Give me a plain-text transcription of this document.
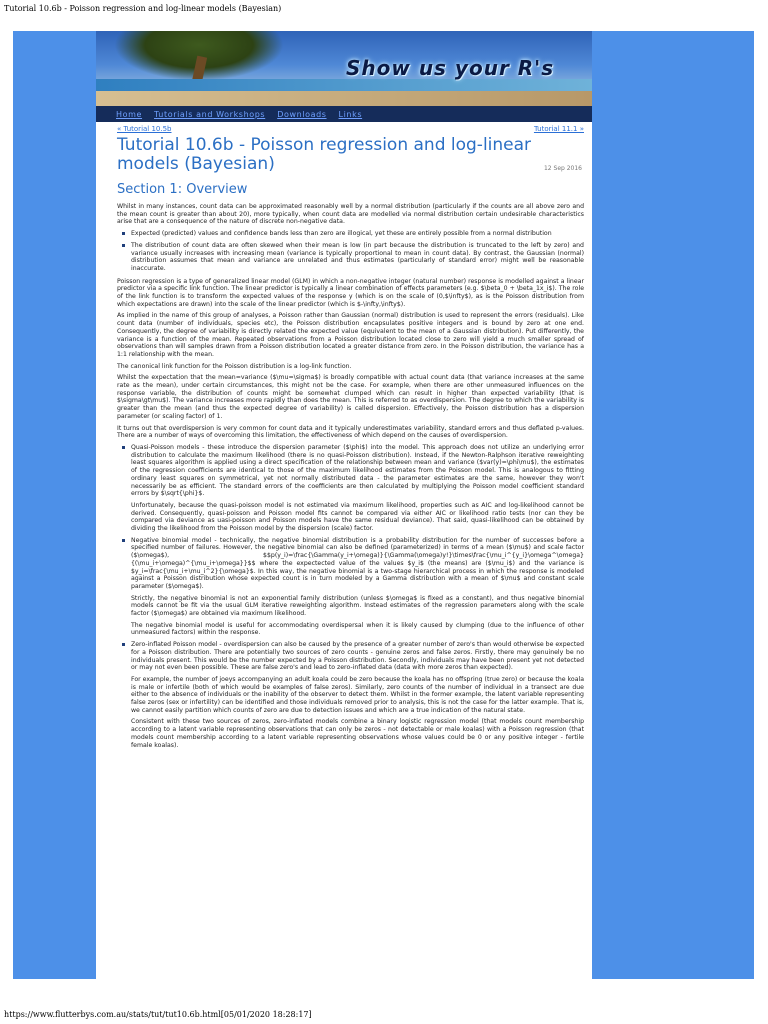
Tutorial 10.6b - Poisson regression and log-linear models (Bayesian)
Show us your R's
Home Tutorials and Workshops Downloads Links
« Tutorial 10.5b	Tutorial 11.1 »
Tutorial 10.6b - Poisson regression and log-linear models (Bayesian)	12 Sep 2016
Section 1: Overview

Whilst in many instances, count data can be approximated reasonably well by a normal distribution (particularly if the counts are all above zero and the mean count is greater than about 20), more typically, when count data are modelled via normal distribution certain undesirable characteristics arise that are a consequence of the nature of discrete non-negative data.

Expected (predicted) values and confidence bands less than zero are illogical, yet these are entirely possible from a normal distribution
The distribution of count data are often skewed when their mean is low (in part because the distribution is truncated to the left by zero) and variance usually increases with increasing mean (variance is typically proportional to mean in count data). By contrast, the Gaussian (normal) distribution assumes that mean and variance are unrelated and thus estimates (particularly of standard error) might well be reasonable inaccurate.

Poisson regression is a type of generalized linear model (GLM) in which a non-negative integer (natural number) response is modelled against a linear predictor via a specific link function. The linear predictor is typically a linear combination of effects parameters (e.g. $\beta_0 + \beta_1x_i$). The role of the link function is to transform the expected values of the response y (which is on the scale of (0,$\infty$), as is the Poisson distribution from which expectations are drawn) into the scale of the linear predictor (which is $-\infty,\infty$).

As implied in the name of this group of analyses, a Poisson rather than Gaussian (normal) distribution is used to represent the errors (residuals). Like count data (number of individuals, species etc), the Poisson distribution encapsulates positive integers and is bound by zero at one end. Consequently, the degree of variability is directly related the expected value (equivalent to the mean of a Gaussian distribution). Put differently, the variance is a function of the mean. Repeated observations from a Poisson distribution located close to zero will yield a much smaller spread of observations than will samples drawn from a Poisson distribution located a greater distance from zero. In the Poisson distribution, the variance has a 1:1 relationship with the mean.

The canonical link function for the Poisson distribution is a log-link function.

Whilst the expectation that the mean=variance ($\mu=\sigma$) is broadly compatible with actual count data (that variance increases at the same rate as the mean), under certain circumstances, this might not be the case. For example, when there are other unmeasured influences on the response variable, the distribution of counts might be somewhat clumped which can result in higher than expected variability (that is $\sigma\gt\mu$). The variance increases more rapidly than does the mean. This is referred to as overdispersion. The degree to which the variability is greater than the mean (and thus the expected degree of variability) is called dispersion. Effectively, the Poisson distribution has a dispersion parameter (or scaling factor) of 1.

It turns out that overdispersion is very common for count data and it typically underestimates variability, standard errors and thus deflated p-values. There are a number of ways of overcoming this limitation, the effectiveness of which depend on the causes of overdispersion.

Quasi-Poisson models - these introduce the dispersion parameter ($\phi$) into the model. This approach does not utilize an underlying error distribution to calculate the maximum likelihood (there is no quasi-Poisson distribution). Instead, if the Newton-Ralphson iterative reweighting least squares algorithm is applied using a direct specification of the relationship between mean and variance ($var(y)=\phi\mu$), the estimates of the regression coefficients are identical to those of the maximum likelihood estimates from the Poisson model. This is analogous to fitting ordinary least squares on symmetrical, yet not normally distributed data - the parameter estimates are the same, however they won't necessarily be as efficient. The standard errors of the coefficients are then calculated by multiplying the Poisson model coefficient standard errors by $\sqrt{\phi}$.

Unfortunately, because the quasi-poisson model is not estimated via maximum likelihood, properties such as AIC and log-likelihood cannot be derived. Consequently, quasi-poisson and Poisson model fits cannot be compared via either AIC or likelihood ratio tests (nor can they be compared via deviance as uasi-poisson and Poisson models have the same residual deviance). That said, quasi-likelihood can be obtained by dividing the likelihood from the Poisson model by the dispersion (scale) factor.

Negative binomial model - technically, the negative binomial distribution is a probability distribution for the number of successes before a specified number of failures. However, the negative binomial can also be defined (parameterized) in terms of a mean ($\mu$) and scale factor ($\omega$), $$p(y_i)=\frac{\Gamma(y_i+\omega)}{\Gamma(\omega)y!}\times\frac{\mu_i^{y_i}\omega^\omega}{(\mu_i+\omega)^{\mu_i+\omega}}$$ where the expectected value of the values $y_i$ (the means) are ($\mu_i$) and the variance is $y_i=\frac{\mu_i+\mu_i^2}{\omega}$. In this way, the negative binomial is a two-stage hierarchical process in which the response is modeled against a Poisson distribution whose expected count is in turn modeled by a Gamma distribution with a mean of $\mu$ and constant scale parameter ($\omega$).

Strictly, the negative binomial is not an exponential family distribution (unless $\omega$ is fixed as a constant), and thus negative binomial models cannot be fit via the usual GLM iterative reweighting algorithm. Instead estimates of the regression parameters along with the scale factor ($\omega$) are obtained via maximum likelihood.

The negative binomial model is useful for accommodating overdispersal when it is likely caused by clumping (due to the influence of other unmeasured factors) within the response.

Zero-inflated Poisson model - overdispersion can also be caused by the presence of a greater number of zero's than would otherwise be expected for a Poisson distribution. There are potentially two sources of zero counts - genuine zeros and false zeros. Firstly, there may genuinely be no individuals present. This would be the number expected by a Poisson distribution. Secondly, individuals may have been present yet not detected or may not even been possible. These are false zero's and lead to zero-inflated data (data with more zeros than expected).

For example, the number of joeys accompanying an adult koala could be zero because the koala has no offspring (true zero) or because the koala is male or infertile (both of which would be examples of false zeros). Similarly, zero counts of the number of individual in a transect are due either to the absence of individuals or the inability of the observer to detect them. Whilst in the former example, the latent variable representing false zeros (sex or infertility) can be identified and those individuals removed prior to analysis, this is not the case for the latter example. That is, we cannot easily partition which counts of zero are due to detection issues and which are a true indication of the natural state.

Consistent with these two sources of zeros, zero-inflated models combine a binary logistic regression model (that models count membership according to a latent variable representing observations that can only be zeros - not detectable or male koalas) with a Poisson regression (that models count membership according to a latent variable representing observations whose values could be 0 or any positive integer - fertile female koalas).

https://www.flutterbys.com.au/stats/tut/tut10.6b.html[05/01/2020 18:28:17]
